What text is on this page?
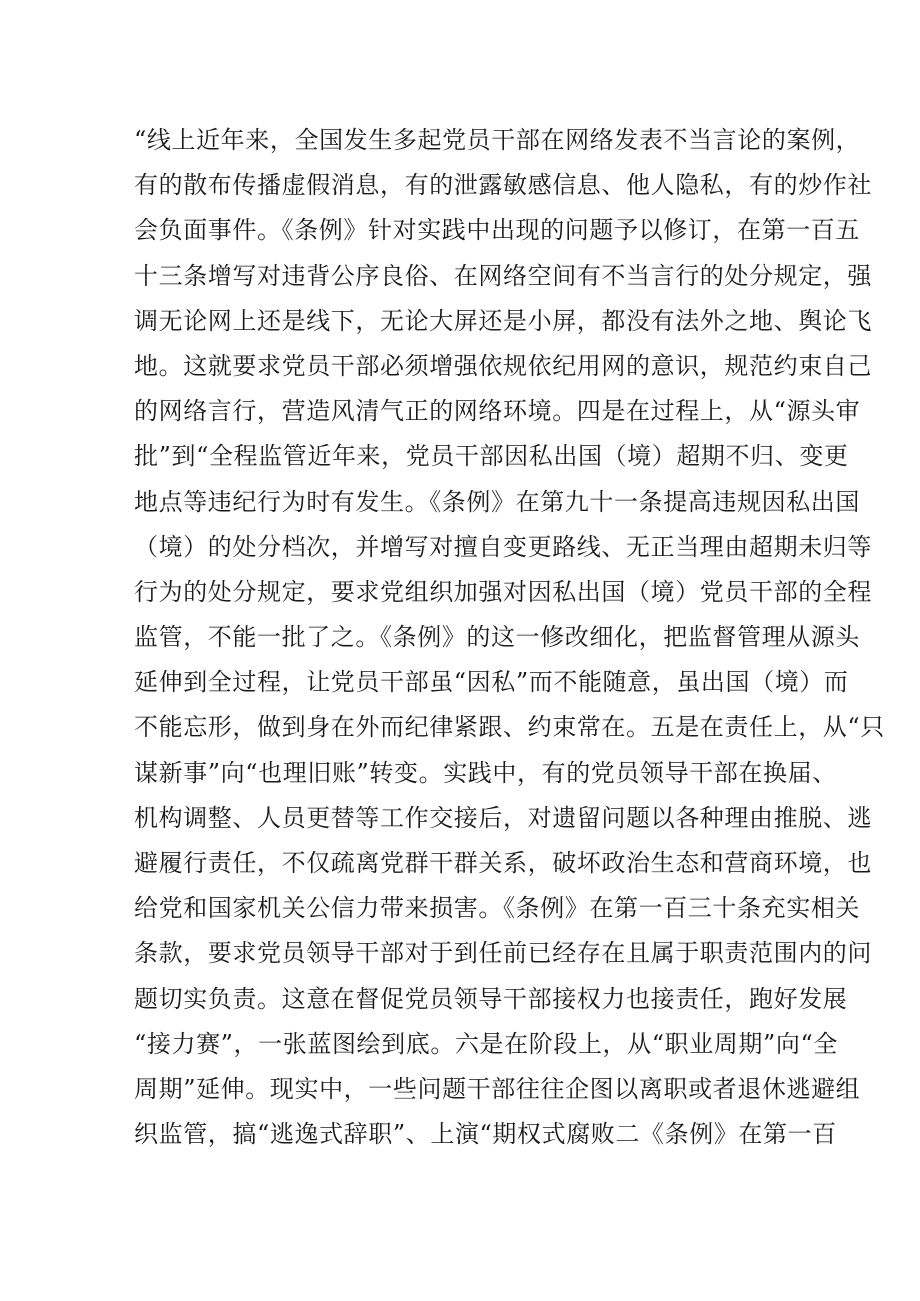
“线上近年来，全国发生多起党员干部在网络发表不当言论的案例，
有的散布传播虚假消息，有的泄露敏感信息、他人隐私，有的炒作社
会负面事件。《条例》针对实践中出现的问题予以修订，在第一百五
十三条增写对违背公序良俗、在网络空间有不当言行的处分规定，强
调无论网上还是线下，无论大屏还是小屏，都没有法外之地、舆论飞
地。这就要求党员干部必须增强依规依纪用网的意识，规范约束自己
的网络言行，营造风清气正的网络环境。四是在过程上，从“源头审
批”到“全程监管近年来，党员干部因私出国（境）超期不归、变更
地点等违纪行为时有发生。《条例》在第九十一条提高违规因私出国
（境）的处分档次，并增写对擅自变更路线、无正当理由超期未归等
行为的处分规定，要求党组织加强对因私出国（境）党员干部的全程
监管，不能一批了之。《条例》的这一修改细化，把监督管理从源头
延伸到全过程，让党员干部虽“因私”而不能随意，虽出国（境）而
不能忘形，做到身在外而纪律紧跟、约束常在。五是在责任上，从“只
谋新事”向“也理旧账”转变。实践中，有的党员领导干部在换届、
机构调整、人员更替等工作交接后，对遗留问题以各种理由推脱、逃
避履行责任，不仅疏离党群干群关系，破坏政治生态和营商环境，也
给党和国家机关公信力带来损害。《条例》在第一百三十条充实相关
条款，要求党员领导干部对于到任前已经存在且属于职责范围内的问
题切实负责。这意在督促党员领导干部接权力也接责任，跑好发展
“接力赛”，一张蓝图绘到底。六是在阶段上，从“职业周期”向“全
周期”延伸。现实中，一些问题干部往往企图以离职或者退休逃避组
织监管，搞“逃逸式辞职”、上演“期权式腐败二《条例》在第一百
